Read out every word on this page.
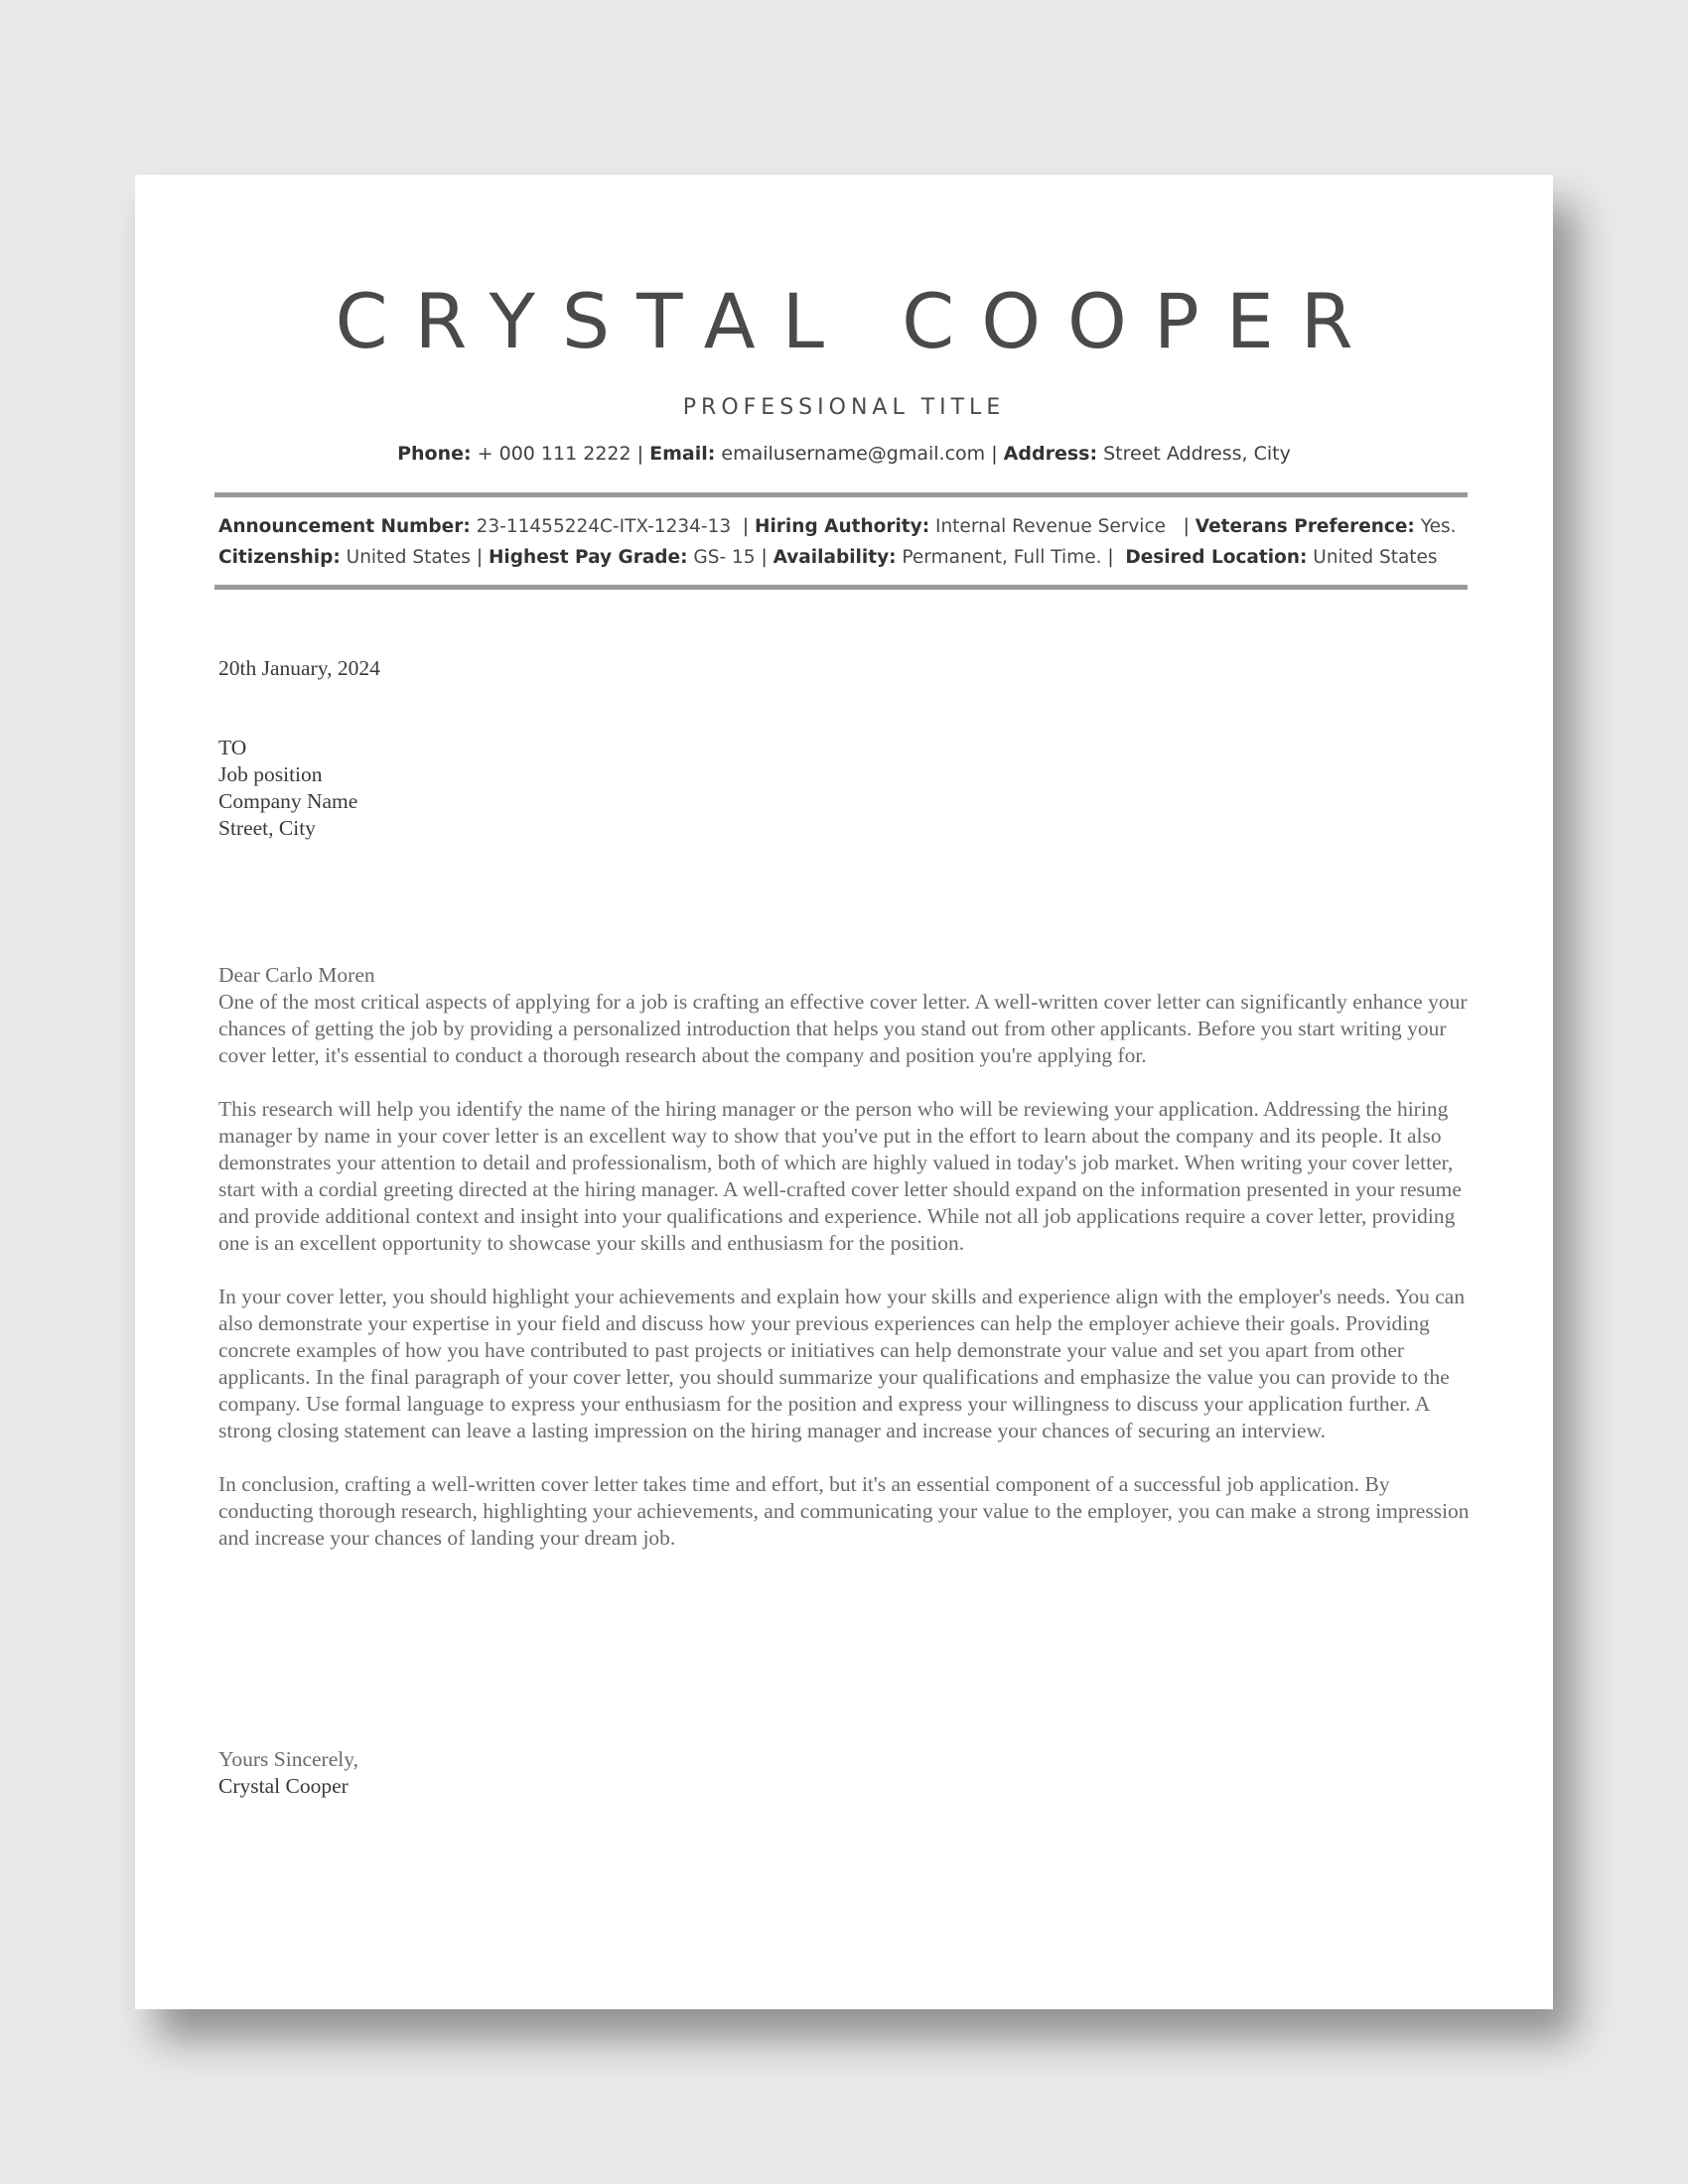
CRYSTAL COOPER
PROFESSIONAL TITLE
Phone: + 000 111 2222 | Email: emailusername@gmail.com | Address: Street Address, City
Announcement Number: 23-11455224C-ITX-1234-13 | Hiring Authority: Internal Revenue Service | Veterans Preference: Yes.
Citizenship: United States | Highest Pay Grade: GS- 15 | Availability: Permanent, Full Time. | Desired Location: United States
20th January, 2024
TO
Job position
Company Name
Street, City
Dear Carlo Moren

One of the most critical aspects of applying for a job is crafting an effective cover letter. A well-written cover letter can significantly enhance your chances of getting the job by providing a personalized introduction that helps you stand out from other applicants. Before you start writing your cover letter, it's essential to conduct a thorough research about the company and position you're applying for.

This research will help you identify the name of the hiring manager or the person who will be reviewing your application. Addressing the hiring manager by name in your cover letter is an excellent way to show that you've put in the effort to learn about the company and its people. It also demonstrates your attention to detail and professionalism, both of which are highly valued in today's job market. When writing your cover letter, start with a cordial greeting directed at the hiring manager. A well-crafted cover letter should expand on the information presented in your resume and provide additional context and insight into your qualifications and experience. While not all job applications require a cover letter, providing one is an excellent opportunity to showcase your skills and enthusiasm for the position.

In your cover letter, you should highlight your achievements and explain how your skills and experience align with the employer's needs. You can also demonstrate your expertise in your field and discuss how your previous experiences can help the employer achieve their goals. Providing concrete examples of how you have contributed to past projects or initiatives can help demonstrate your value and set you apart from other applicants. In the final paragraph of your cover letter, you should summarize your qualifications and emphasize the value you can provide to the company. Use formal language to express your enthusiasm for the position and express your willingness to discuss your application further. A strong closing statement can leave a lasting impression on the hiring manager and increase your chances of securing an interview.

In conclusion, crafting a well-written cover letter takes time and effort, but it's an essential component of a successful job application. By conducting thorough research, highlighting your achievements, and communicating your value to the employer, you can make a strong impression and increase your chances of landing your dream job.

Yours Sincerely,
Crystal Cooper
